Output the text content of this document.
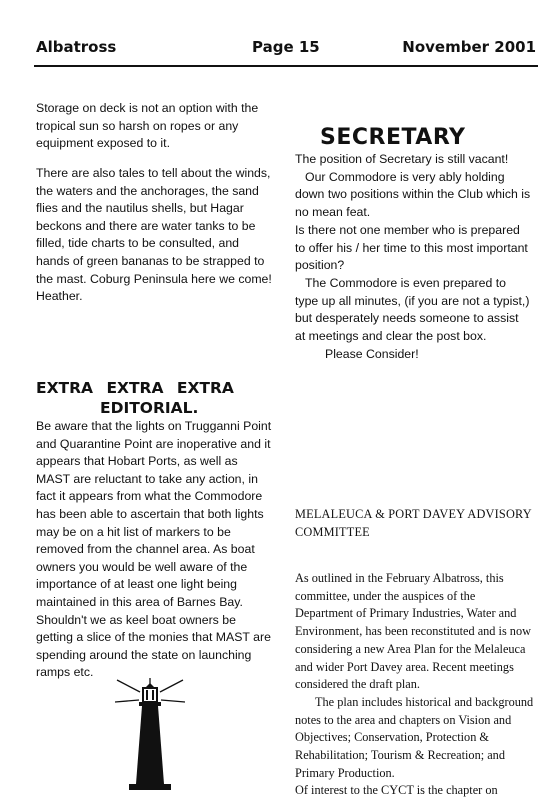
Albatross	Page 15	November 2001

Storage on deck is not an option with the tropical sun so harsh on ropes or any equipment exposed to it.

There are also tales to tell about the winds, the waters and the anchorages, the sand flies and the nautilus shells, but Hagar beckons and there are water tanks to be filled, tide charts to be consulted, and hands of green bananas to be strapped to the mast. Coburg Peninsula here we come!

Heather.

SECRETARY

The position of Secretary is still vacant!

Our Commodore is very ably holding down two positions within the Club which is no mean feat.

Is there not one member who is prepared to offer his / her time to this most important position?

The Commodore is even prepared to type up all minutes, (if you are not a typist,) but desperately needs someone to assist at meetings and clear the post box.

Please Consider!

EXTRA EXTRA EXTRA
EDITORIAL.

Be aware that the lights on Trugganni Point and Quarantine Point are inoperative and it appears that Hobart Ports, as well as MAST are reluctant to take any action, in fact it appears from what the Commodore has been able to ascertain that both lights may be on a hit list of markers to be removed from the channel area. As boat owners you would be well aware of the importance of at least one light being maintained in this area of Barnes Bay.

Shouldn't we as keel boat owners be getting a slice of the monies that MAST are spending around the state on launching ramps etc.

MELALEUCA & PORT DAVEY ADVISORY COMMITTEE

As outlined in the February Albatross, this committee, under the auspices of the Department of Primary Industries, Water and Environment, has been reconstituted and is now considering a new Area Plan for the Melaleuca and wider Port Davey area. Recent meetings considered the draft plan.

The plan includes historical and background notes to the area and chapters on Vision and Objectives; Conservation, Protection & Rehabilitation; Tourism & Recreation; and Primary Production.

Of interest to the CYCT is the chapter on
